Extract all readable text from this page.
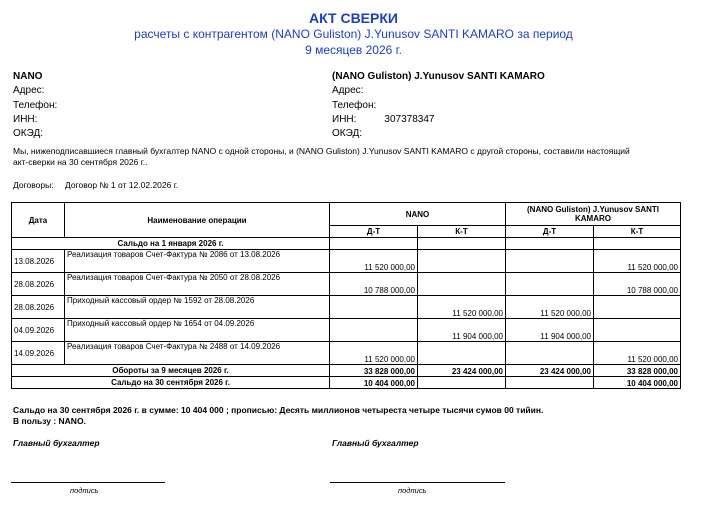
АКТ СВЕРКИ
расчеты с контрагентом (NANO Guliston) J.Yunusov SANTI KAMARO за период
9 месяцев 2026 г.
NANO
Адрес:
Телефон:
ИНН:
ОКЭД:
(NANO Guliston) J.Yunusov SANTI KAMARO
Адрес:
Телефон:
ИНН:	307378347
ОКЭД:
Мы, нижеподписавшиеся главный бухгалтер NANO с одной стороны, и (NANO Guliston) J.Yunusov SANTI KAMARO с другой стороны, составили настоящий
акт-сверки на 30 сентября 2026 г..
Договоры: Договор № 1 от 12.02.2026 г.
Дата	Наименование операции	NANO		(NANO Guliston) J.Yunusov SANTI
KAMARO	

		Д-Т	К-Т	Д-Т	К-Т
Сальдо на 1 января 2026 г.					
13.08.2026	Реализация товаров Счет-Фактура № 2086 от 13.08.2026	11 520 000,00			11 520 000,00
28.08.2026	Реализация товаров Счет-Фактура № 2050 от 28.08.2026	10 788 000,00			10 788 000,00
28.08.2026	Приходный кассовый ордер № 1592 от 28.08.2026		11 520 000,00	11 520 000,00	
04.09.2026	Приходный кассовый ордер № 1654 от 04.09.2026		11 904 000,00	11 904 000,00	
14.09.2026	Реализация товаров Счет-Фактура № 2488 от 14.09.2026	11 520 000,00			11 520 000,00
Обороты за 9 месяцев 2026 г.		33 828 000,00	23 424 000,00	23 424 000,00	33 828 000,00
Сальдо на 30 сентября 2026 г.		10 404 000,00			10 404 000,00
Сальдо на 30 сентября 2026 г. в сумме: 10 404 000 ; прописью: Десять миллионов четыреста четыре тысячи сумов 00 тийин.
В пользу : NANO.
Главный бухгалтер	Главный бухгалтер
подпись	подпись
